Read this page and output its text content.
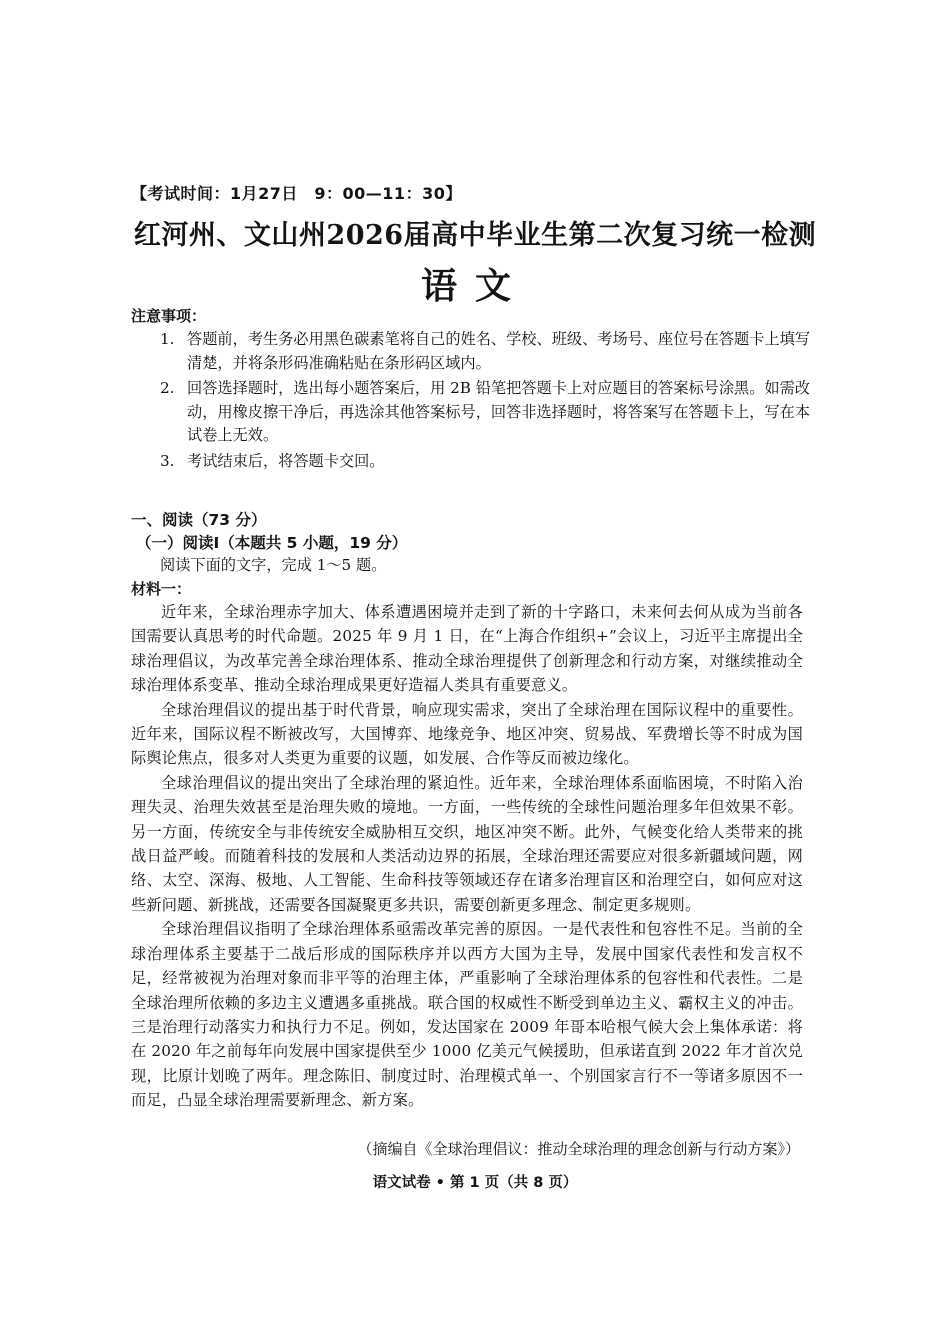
【考试时间：1月27日　9：00—11：30】
红河州、文山州2026届高中毕业生第二次复习统一检测
语文
注意事项：
1. 答题前，考生务必用黑色碳素笔将自己的姓名、学校、班级、考场号、座位号在答题卡上填写清楚，并将条形码准确粘贴在条形码区域内。
2. 回答选择题时，选出每小题答案后，用 2B 铅笔把答题卡上对应题目的答案标号涂黑。如需改动，用橡皮擦干净后，再选涂其他答案标号，回答非选择题时，将答案写在答题卡上，写在本试卷上无效。
3. 考试结束后，将答题卡交回。
一、阅读（73 分）
（一）阅读Ⅰ（本题共 5 小题，19 分）
阅读下面的文字，完成 1～5 题。
材料一：

近年来，全球治理赤字加大、体系遭遇困境并走到了新的十字路口，未来何去何从成为当前各国需要认真思考的时代命题。2025 年 9 月 1 日，在“上海合作组织+”会议上，习近平主席提出全球治理倡议，为改革完善全球治理体系、推动全球治理提供了创新理念和行动方案，对继续推动全球治理体系变革、推动全球治理成果更好造福人类具有重要意义。

全球治理倡议的提出基于时代背景，响应现实需求，突出了全球治理在国际议程中的重要性。近年来，国际议程不断被改写，大国博弈、地缘竞争、地区冲突、贸易战、军费增长等不时成为国际舆论焦点，很多对人类更为重要的议题，如发展、合作等反而被边缘化。

全球治理倡议的提出突出了全球治理的紧迫性。近年来，全球治理体系面临困境，不时陷入治理失灵、治理失效甚至是治理失败的境地。一方面，一些传统的全球性问题治理多年但效果不彰。另一方面，传统安全与非传统安全威胁相互交织，地区冲突不断。此外，气候变化给人类带来的挑战日益严峻。而随着科技的发展和人类活动边界的拓展，全球治理还需要应对很多新疆域问题，网络、太空、深海、极地、人工智能、生命科技等领域还存在诸多治理盲区和治理空白，如何应对这些新问题、新挑战，还需要各国凝聚更多共识，需要创新更多理念、制定更多规则。

全球治理倡议指明了全球治理体系亟需改革完善的原因。一是代表性和包容性不足。当前的全球治理体系主要基于二战后形成的国际秩序并以西方大国为主导，发展中国家代表性和发言权不足，经常被视为治理对象而非平等的治理主体，严重影响了全球治理体系的包容性和代表性。二是全球治理所依赖的多边主义遭遇多重挑战。联合国的权威性不断受到单边主义、霸权主义的冲击。三是治理行动落实力和执行力不足。例如，发达国家在 2009 年哥本哈根气候大会上集体承诺：将在 2020 年之前每年向发展中国家提供至少 1000 亿美元气候援助，但承诺直到 2022 年才首次兑现，比原计划晚了两年。理念陈旧、制度过时、治理模式单一、个别国家言行不一等诸多原因不一而足，凸显全球治理需要新理念、新方案。

（摘编自《全球治理倡议：推动全球治理的理念创新与行动方案》）
语文试卷 • 第 1 页（共 8 页）
